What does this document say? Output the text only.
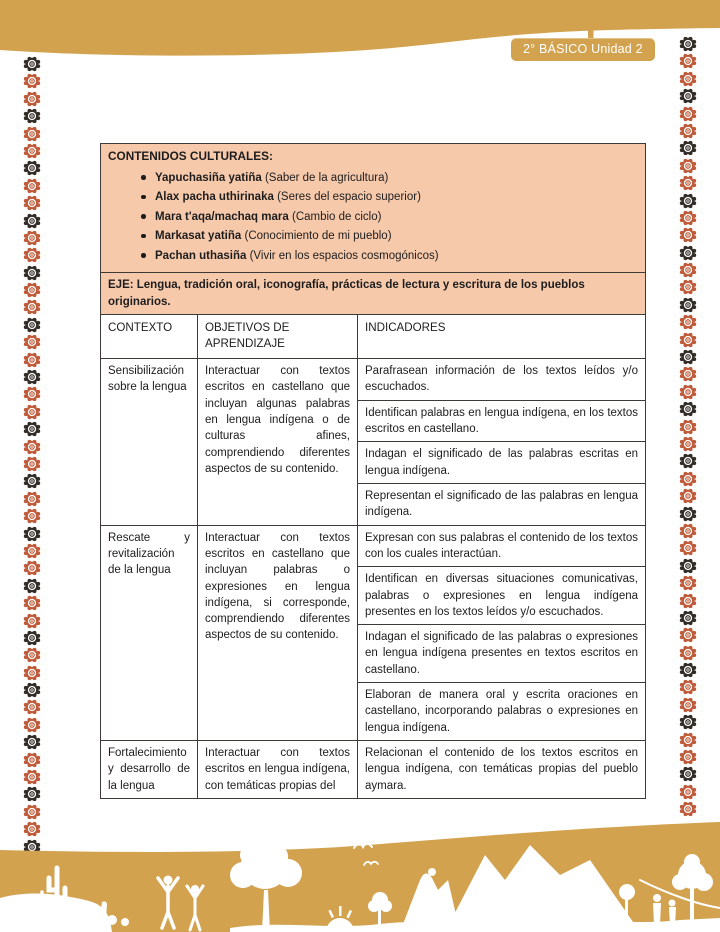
2° BÁSICO Unidad 2
CONTENIDOS CULTURALES:
Yapuchasiña yatiña (Saber de la agricultura)
Alax pacha uthirinaka (Seres del espacio superior)
Mara t'aqa/machaq mara (Cambio de ciclo)
Markasat yatiña (Conocimiento de mi pueblo)
Pachan uthasiña (Vivir en los espacios cosmogónicos)

EJE: Lengua, tradición oral, iconografía, prácticas de lectura y escritura de los pueblos originarios.		
CONTEXTO	OBJETIVOS DE APRENDIZAJE	INDICADORES
Sensibilización sobre la lengua	Interactuar con textos escritos en castellano que incluyan algunas palabras en lengua indígena o de culturas afines, comprendiendo diferentes aspectos de su contenido.	Parafrasean información de los textos leídos y/o escuchados.
		Identifican palabras en lengua indígena, en los textos escritos en castellano.
		Indagan el significado de las palabras escritas en lengua indígena.
		Representan el significado de las palabras en lengua indígena.
Rescate y revitalización de la lengua	Interactuar con textos escritos en castellano que incluyan palabras o expresiones en lengua indígena, si corresponde, comprendiendo diferentes aspectos de su contenido.	Expresan con sus palabras el contenido de los textos con los cuales interactúan.
		Identifican en diversas situaciones comunicativas, palabras o expresiones en lengua indígena presentes en los textos leídos y/o escuchados.
		Indagan el significado de las palabras o expresiones en lengua indígena presentes en textos escritos en castellano.
		Elaboran de manera oral y escrita oraciones en castellano, incorporando palabras o expresiones en lengua indígena.
Fortalecimiento y desarrollo de la lengua	Interactuar con textos escritos en lengua indígena, con temáticas propias del	Relacionan el contenido de los textos escritos en lengua indígena, con temáticas propias del pueblo aymara.
